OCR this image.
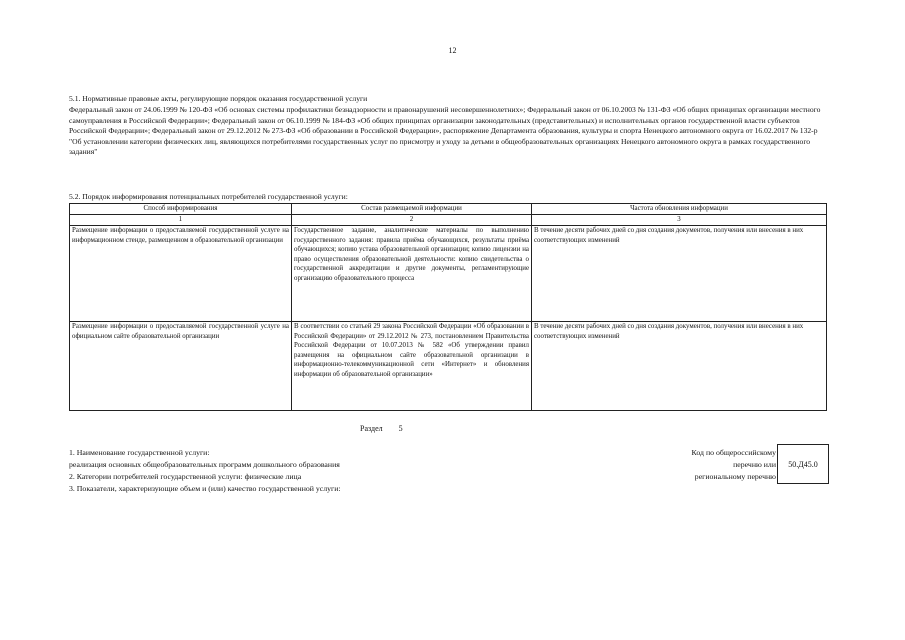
12
5.1. Нормативные правовые акты, регулирующие порядок оказания государственной услуги
Федеральный закон от 24.06.1999 № 120-ФЗ «Об основах системы профилактики безнадзорности и правонарушений несовершеннолетних»; Федеральный закон от 06.10.2003 № 131-ФЗ «Об общих принципах организации местного самоуправления в Российской Федерации»; Федеральный закон от 06.10.1999 № 184-ФЗ «Об общих принципах организации законодательных (представительных) и исполнительных органов государственной власти субъектов Российской Федерации»; Федеральный закон от 29.12.2012 № 273-ФЗ «Об образовании в Российской Федерации», распоряжение Департамента образования, культуры и спорта Ненецкого автономного округа от 16.02.2017 № 132-р "Об установлении категории физических лиц, являющихся потребителями государственных услуг по присмотру и уходу за детьми в общеобразовательных организациях Ненецкого автономного округа в рамках государственного задания"
5.2. Порядок информирования потенциальных потребителей государственной услуги:
Способ информирования	Состав размещаемой информации	Частота обновления информации
1	2	3
Размещение информации о предоставляемой государственной услуге на информационном стенде, размещенном в образовательной организации	Государственное задание, аналитические материалы по выполнению государственного задания: правила приёма обучающихся, результаты приёма обучающихся; копию устава образовательной организации; копию лицензии на право осуществления образовательной деятельности: копию свидетельства о государственной аккредитации и другие документы, регламентирующие организацию образовательного процесса	В течение десяти рабочих дней со дня создания документов, получения или внесения в них соответствующих изменений
Размещение информации о предоставляемой государственной услуге на официальном сайте образовательной организации	В соответствии со статьей 29 закона Российской Федерации «Об образовании в Российской Федерации» от 29.12.2012 № 273, постановлением Правительства Российской Федерации от 10.07.2013 № 582 «Об утверждении правил размещения на официальном сайте образовательной организации в информационно-телекоммуникационной сети «Интернет» и обновления информации об образовательной организации»	В течение десяти рабочих дней со дня создания документов, получения или внесения в них соответствующих изменений
Раздел 5
1. Наименование государственной услуги:
реализация основных общеобразовательных программ дошкольного образования
2. Категории потребителей государственной услуги: физические лица
3. Показатели, характеризующие объем и (или) качество государственной услуги:
Код по общероссийскому
перечню или
региональному перечню
50.Д45.0
